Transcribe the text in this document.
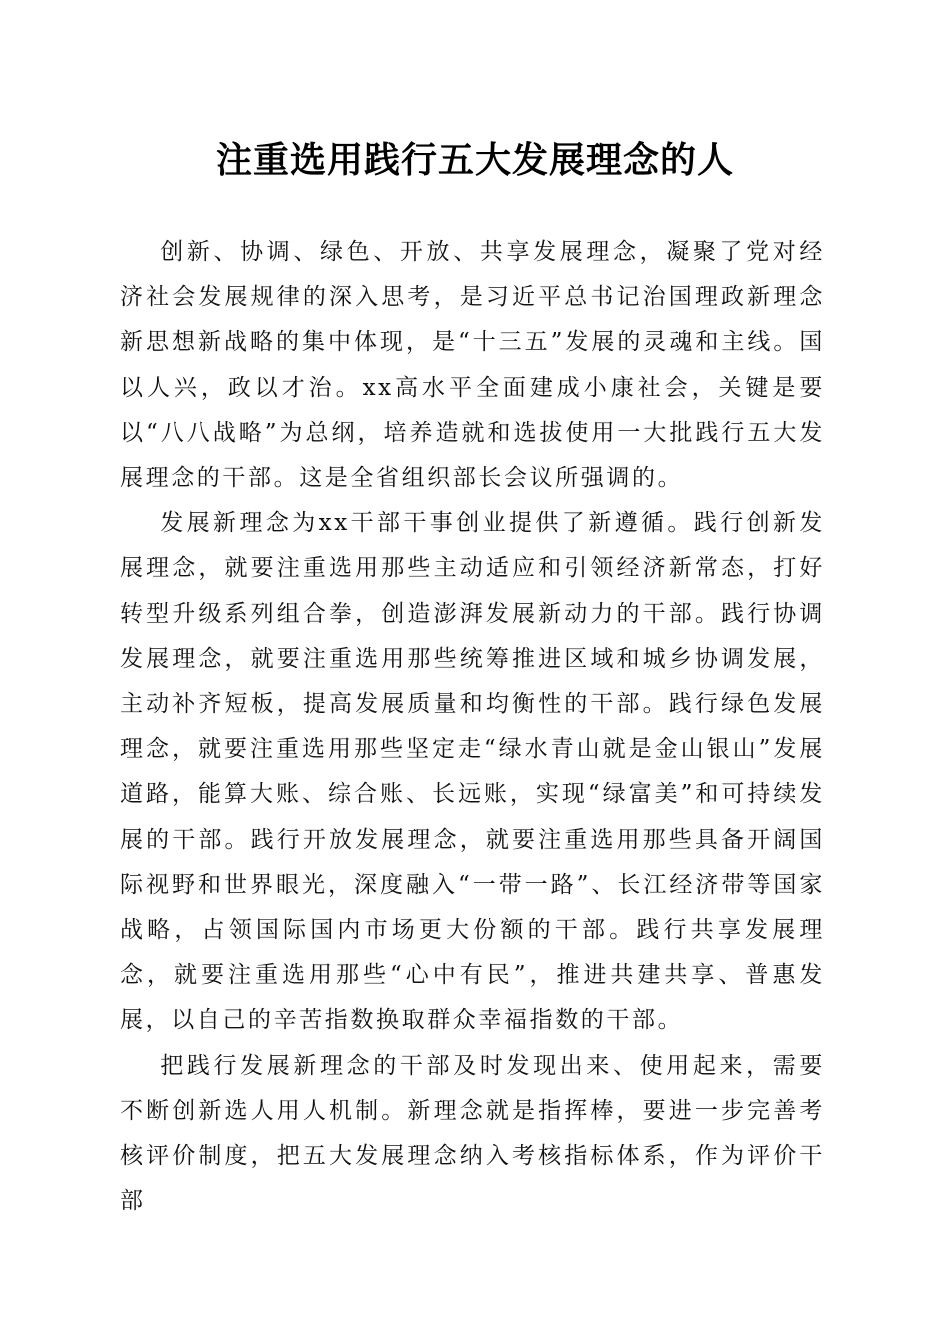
注重选用践行五大发展理念的人

创新、协调、绿色、开放、共享发展理念，凝聚了党对经济社会发展规律的深入思考，是习近平总书记治国理政新理念新思想新战略的集中体现，是“十三五”发展的灵魂和主线。国以人兴，政以才治。xx高水平全面建成小康社会，关键是要以“八八战略”为总纲，培养造就和选拔使用一大批践行五大发展理念的干部。这是全省组织部长会议所强调的。

发展新理念为xx干部干事创业提供了新遵循。践行创新发展理念，就要注重选用那些主动适应和引领经济新常态，打好转型升级系列组合拳，创造澎湃发展新动力的干部。践行协调发展理念，就要注重选用那些统筹推进区域和城乡协调发展，主动补齐短板，提高发展质量和均衡性的干部。践行绿色发展理念，就要注重选用那些坚定走“绿水青山就是金山银山”发展道路，能算大账、综合账、长远账，实现“绿富美”和可持续发展的干部。践行开放发展理念，就要注重选用那些具备开阔国际视野和世界眼光，深度融入“一带一路”、长江经济带等国家战略，占领国际国内市场更大份额的干部。践行共享发展理念，就要注重选用那些“心中有民”，推进共建共享、普惠发展，以自己的辛苦指数换取群众幸福指数的干部。

把践行发展新理念的干部及时发现出来、使用起来，需要不断创新选人用人机制。新理念就是指挥棒，要进一步完善考核评价制度，把五大发展理念纳入考核指标体系，作为评价干部
